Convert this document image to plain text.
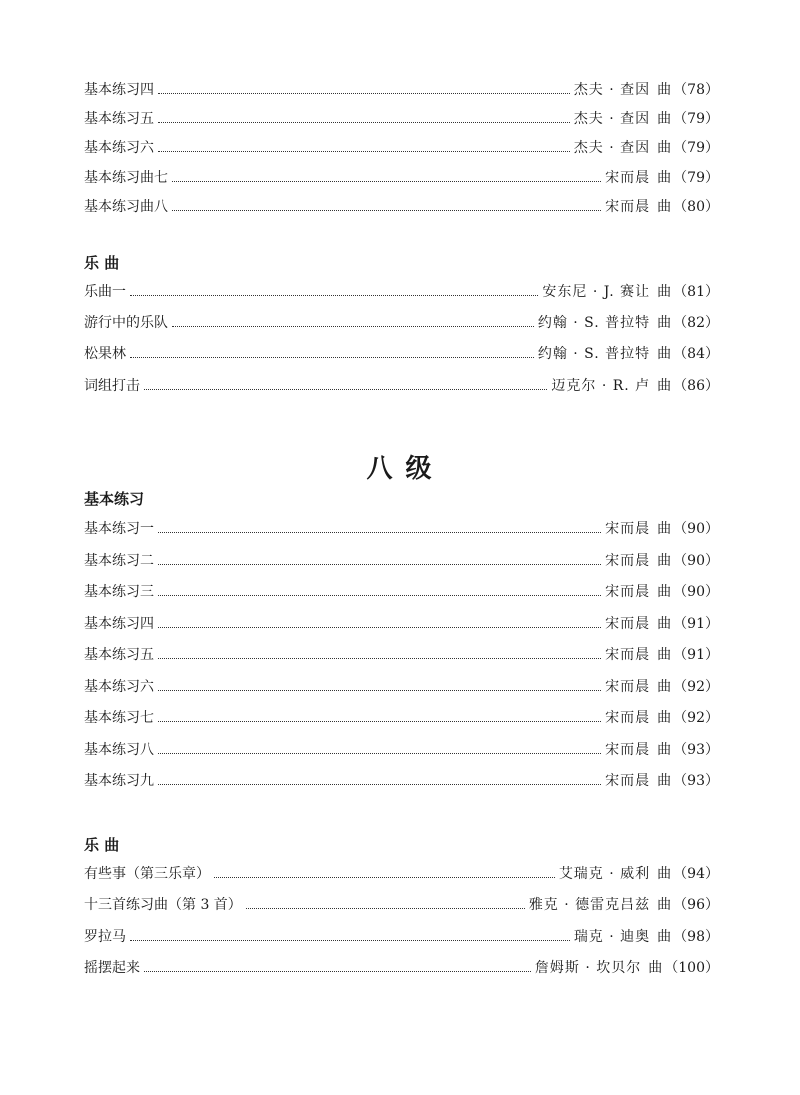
基本练习四	杰夫 · 查因 曲 （78）
基本练习五	杰夫 · 查因 曲 （79）
基本练习六	杰夫 · 查因 曲 （79）
基本练习曲七	宋而晨 曲 （79）
基本练习曲八	宋而晨 曲 （80）
乐 曲
乐曲一	安东尼 · J. 赛让 曲 （81）
游行中的乐队	约翰 · S. 普拉特 曲 （82）
松果林	约翰 · S. 普拉特 曲 （84）
词组打击	迈克尔 · R. 卢 曲 （86）
八 级
基本练习
基本练习一	宋而晨 曲 （90）
基本练习二	宋而晨 曲 （90）
基本练习三	宋而晨 曲 （90）
基本练习四	宋而晨 曲 （91）
基本练习五	宋而晨 曲 （91）
基本练习六	宋而晨 曲 （92）
基本练习七	宋而晨 曲 （92）
基本练习八	宋而晨 曲 （93）
基本练习九	宋而晨 曲 （93）
乐 曲
有些事（第三乐章）	艾瑞克 · 威利 曲 （94）
十三首练习曲（第 3 首）	雅克 · 德雷克吕兹 曲 （96）
罗拉马	瑞克 · 迪奥 曲 （98）
摇摆起来	詹姆斯 · 坎贝尔 曲 （100）
